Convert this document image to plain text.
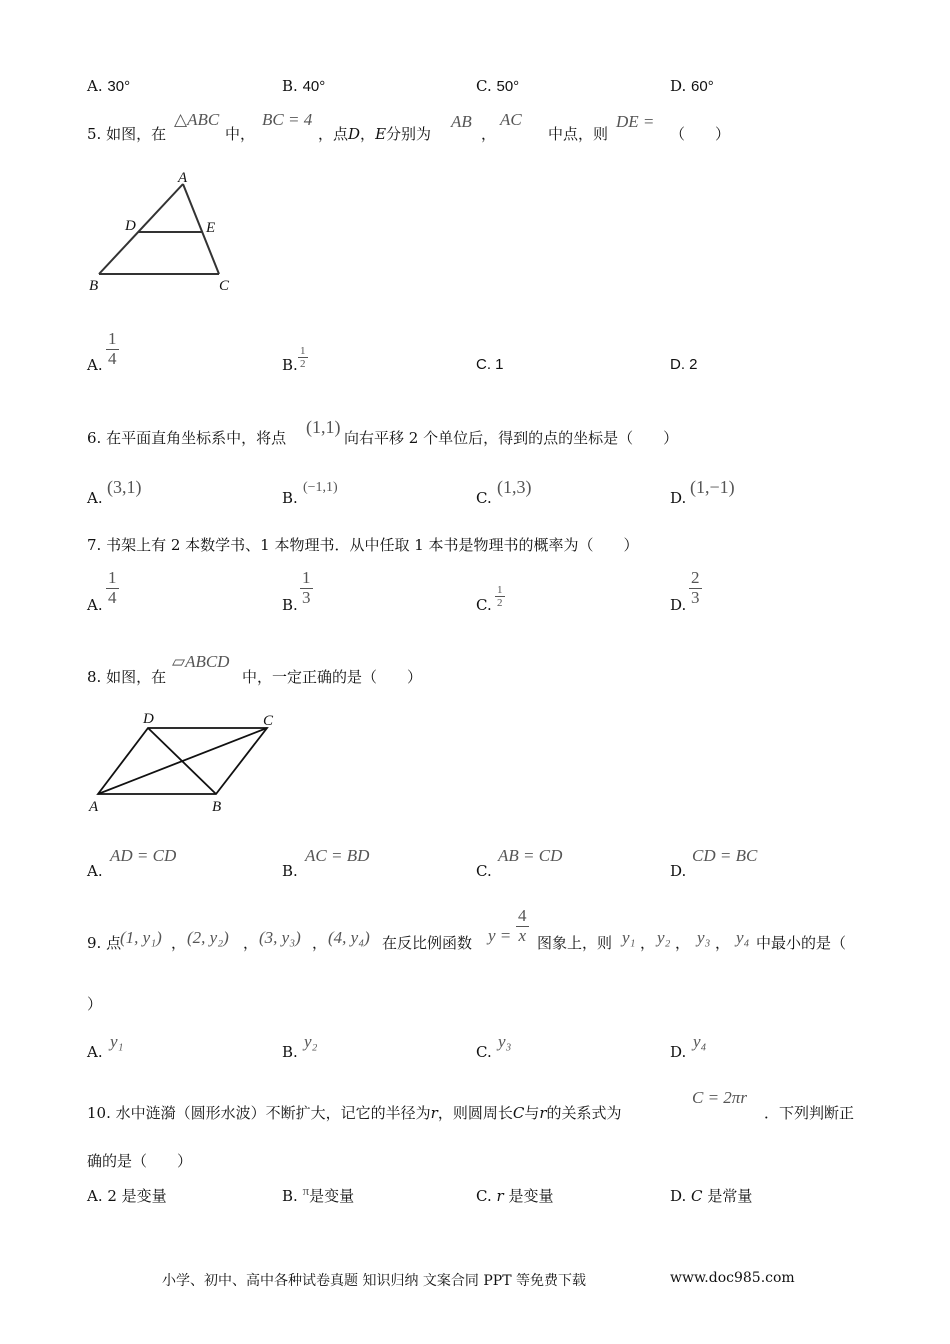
A. 30°	B. 40°	C. 50°	D. 60°
5. 如图，在
△ABC
中，
BC = 4
，点D，E分别为
AB
，
AC
中点，则
DE =
（　　）
A
D	E
B	C
A. $\frac{1}{4}$	B. $\frac{1}{2}$	C. 1	D. 2
6. 在平面直角坐标系中，将点
(1,1)
向右平移 2 个单位后，得到的点的坐标是（　　）
A.
(3,1)
B.
(−1,1)
C.
(1,3)
D.
(1,−1)
7. 书架上有 2 本数学书、1 本物理书．从中任取 1 本书是物理书的概率为（　　）
A. $\frac{1}{4}$	B. $\frac{1}{3}$	C. $\frac{1}{2}$	D. $\frac{2}{3}$
8. 如图，在
▱ABCD
中，一定正确的是（　　）
D	C
A	B
A.
AD = CD
B.
AC = BD
C.
AB = CD
D.
CD = BC
9. 点
(1, y₁) ， (2, y₂) ， (3, y₃) ， (4, y₄) 在反比例函数 $y = \frac{4}{x}$ 图象上，则 y₁ ， y₂ ， y₃ ， y₄ 中最小的是（
）
A.
y₁
B.
y₂
C.
y₃
D.
y₄
10. 水中涟漪（圆形水波）不断扩大，记它的半径为r，则圆周长C与r的关系式为
C = 2πr
．下列判断正
确的是（　　）
A. 2 是变量	B. π是变量	C. r 是变量	D. C 是常量
小学、初中、高中各种试卷真题 知识归纳 文案合同 PPT 等免费下载	www.doc985.com
